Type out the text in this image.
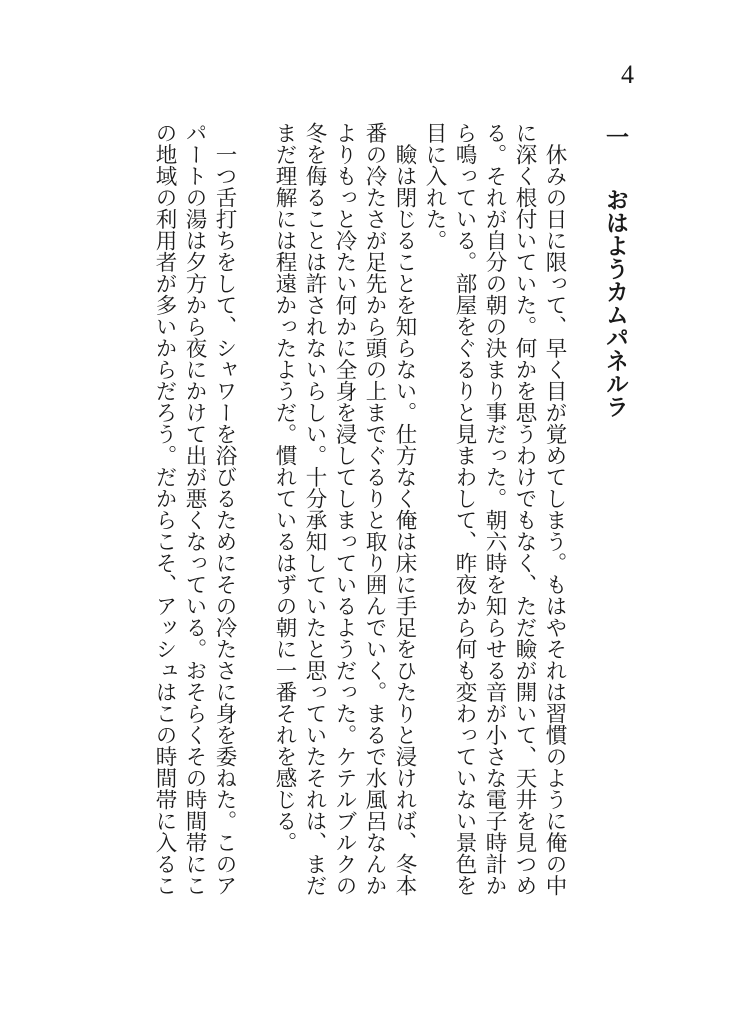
4
一おはようカムパネルラ
　休みの日に限って、早く目が覚めてしまう。もはやそれは習慣のように俺の中
に深く根付いていた。何かを思うわけでもなく、ただ瞼が開いて、天井を見つめ
る。それが自分の朝の決まり事だった。朝六時を知らせる音が小さな電子時計か
ら鳴っている。部屋をぐるりと見まわして、昨夜から何も変わっていない景色を
目に入れた。
　瞼は閉じることを知らない。仕方なく俺は床に手足をひたりと浸ければ、冬本
番の冷たさが足先から頭の上までぐるりと取り囲んでいく。まるで水風呂なんか
よりもっと冷たい何かに全身を浸してしまっているようだった。ケテルブルクの
冬を侮ることは許されないらしい。十分承知していたと思っていたそれは、まだ
まだ理解には程遠かったようだ。慣れているはずの朝に一番それを感じる。
　一つ舌打ちをして、シャワーを浴びるためにその冷たさに身を委ねた。このア
パートの湯は夕方から夜にかけて出が悪くなっている。おそらくその時間帯にこ
の地域の利用者が多いからだろう。だからこそ、アッシュはこの時間帯に入るこ
